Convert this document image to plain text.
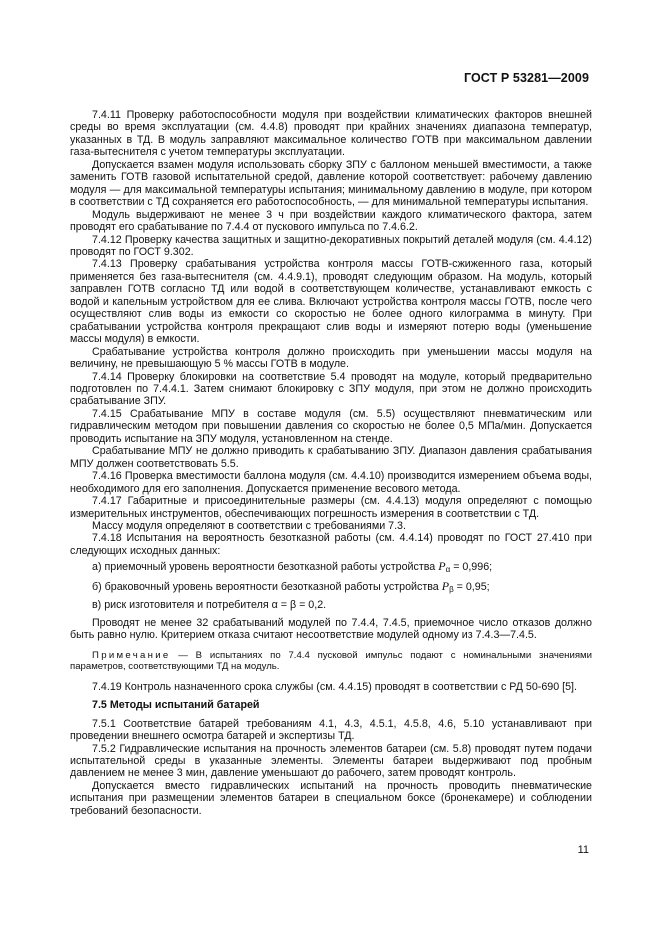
ГОСТ Р 53281—2009

7.4.11 Проверку работоспособности модуля при воздействии климатических факторов внешней среды во время эксплуатации (см. 4.4.8) проводят при крайних значениях диапазона температур, указанных в ТД. В модуль заправляют максимальное количество ГОТВ при максимальном давлении газа-вытеснителя с учетом температуры эксплуатации.

Допускается взамен модуля использовать сборку ЗПУ с баллоном меньшей вместимости, а также заменить ГОТВ газовой испытательной средой, давление которой соответствует: рабочему давлению модуля — для максимальной температуры испытания; минимальному давлению в модуле, при котором в соответствии с ТД сохраняется его работоспособность, — для минимальной температуры испытания.

Модуль выдерживают не менее 3 ч при воздействии каждого климатического фактора, затем проводят его срабатывание по 7.4.4 от пускового импульса по 7.4.6.2.

7.4.12 Проверку качества защитных и защитно-декоративных покрытий деталей модуля (см. 4.4.12) проводят по ГОСТ 9.302.

7.4.13 Проверку срабатывания устройства контроля массы ГОТВ-сжиженного газа, который применяется без газа-вытеснителя (см. 4.4.9.1), проводят следующим образом. На модуль, который заправлен ГОТВ согласно ТД или водой в соответствующем количестве, устанавливают емкость с водой и капельным устройством для ее слива. Включают устройства контроля массы ГОТВ, после чего осуществляют слив воды из емкости со скоростью не более одного килограмма в минуту. При срабатывании устройства контроля прекращают слив воды и измеряют потерю воды (уменьшение массы модуля) в емкости.

Срабатывание устройства контроля должно происходить при уменьшении массы модуля на величину, не превышающую 5 % массы ГОТВ в модуле.

7.4.14 Проверку блокировки на соответствие 5.4 проводят на модуле, который предварительно подготовлен по 7.4.4.1. Затем снимают блокировку с ЗПУ модуля, при этом не должно происходить срабатывание ЗПУ.

7.4.15 Срабатывание МПУ в составе модуля (см. 5.5) осуществляют пневматическим или гидравлическим методом при повышении давления со скоростью не более 0,5 МПа/мин. Допускается проводить испытание на ЗПУ модуля, установленном на стенде.

Срабатывание МПУ не должно приводить к срабатыванию ЗПУ. Диапазон давления срабатывания МПУ должен соответствовать 5.5.

7.4.16 Проверка вместимости баллона модуля (см. 4.4.10) производится измерением объема воды, необходимого для его заполнения. Допускается применение весового метода.

7.4.17 Габаритные и присоединительные размеры (см. 4.4.13) модуля определяют с помощью измерительных инструментов, обеспечивающих погрешность измерения в соответствии с ТД.

Массу модуля определяют в соответствии с требованиями 7.3.

7.4.18 Испытания на вероятность безотказной работы (см. 4.4.14) проводят по ГОСТ 27.410 при следующих исходных данных:

а) приемочный уровень вероятности безотказной работы устройства $P_\alpha = 0,996$;

б) браковочный уровень вероятности безотказной работы устройства $P_\beta = 0,95$;

в) риск изготовителя и потребителя α = β = 0,2.

Проводят не менее 32 срабатываний модулей по 7.4.4, 7.4.5, приемочное число отказов должно быть равно нулю. Критерием отказа считают несоответствие модулей одному из 7.4.3—7.4.5.

Примечание — В испытаниях по 7.4.4 пусковой импульс подают с номинальными значениями параметров, соответствующими ТД на модуль.

7.4.19 Контроль назначенного срока службы (см. 4.4.15) проводят в соответствии с РД 50-690 [5].

7.5 Методы испытаний батарей

7.5.1 Соответствие батарей требованиям 4.1, 4.3, 4.5.1, 4.5.8, 4.6, 5.10 устанавливают при проведении внешнего осмотра батарей и экспертизы ТД.

7.5.2 Гидравлические испытания на прочность элементов батареи (см. 5.8) проводят путем подачи испытательной среды в указанные элементы. Элементы батареи выдерживают под пробным давлением не менее 3 мин, давление уменьшают до рабочего, затем проводят контроль.

Допускается вместо гидравлических испытаний на прочность проводить пневматические испытания при размещении элементов батареи в специальном боксе (бронекамере) и соблюдении требований безопасности.

11
